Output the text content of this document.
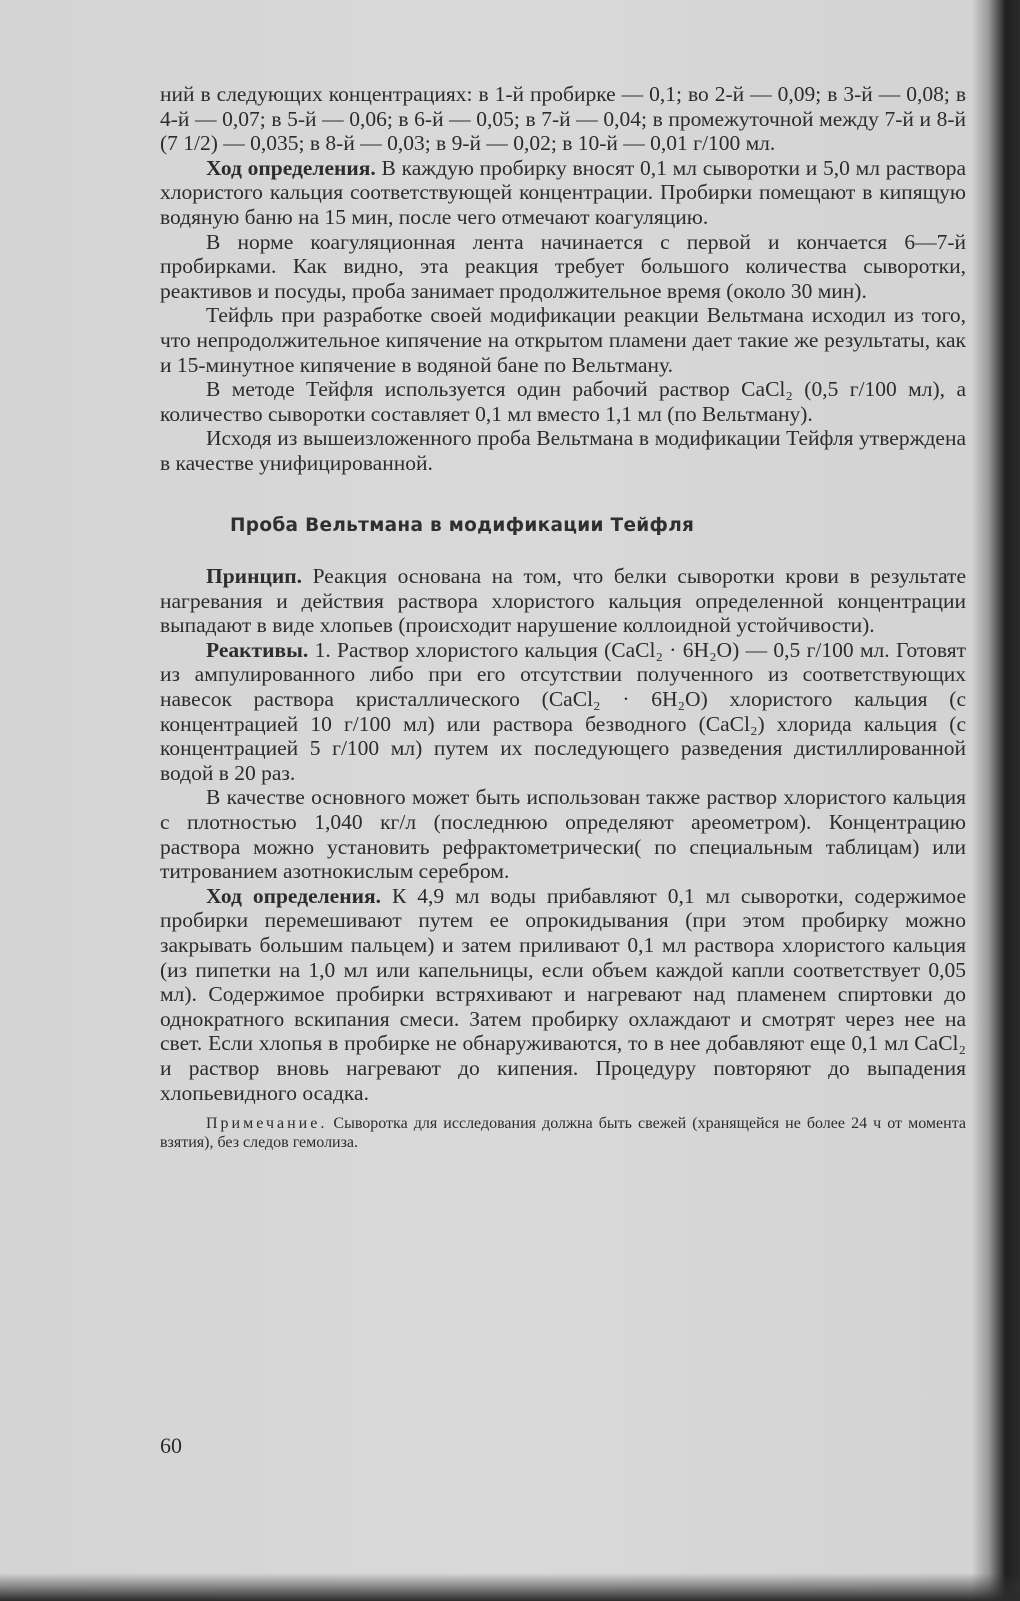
ний в следующих концентрациях: в 1-й пробирке — 0,1; во 2-й — 0,09; в 3-й — 0,08; в 4-й — 0,07; в 5-й — 0,06; в 6-й — 0,05; в 7-й — 0,04; в промежуточной между 7-й и 8-й (7 1/2) — 0,035; в 8-й — 0,03; в 9-й — 0,02; в 10-й — 0,01 г/100 мл.

Ход определения. В каждую пробирку вносят 0,1 мл сыворотки и 5,0 мл раствора хлористого кальция соответствующей концентрации. Пробирки помещают в кипящую водяную баню на 15 мин, после чего отмечают коагуляцию.

В норме коагуляционная лента начинается с первой и кончается 6—7-й пробирками. Как видно, эта реакция требует большого количества сыворотки, реактивов и посуды, проба занимает продолжительное время (около 30 мин).

Тейфль при разработке своей модификации реакции Вельтмана исходил из того, что непродолжительное кипячение на открытом пламени дает такие же результаты, как и 15-минутное кипячение в водяной бане по Вельтману.

В методе Тейфля используется один рабочий раствор CaCl₂ (0,5 г/100 мл), а количество сыворотки составляет 0,1 мл вместо 1,1 мл (по Вельтману).

Исходя из вышеизложенного проба Вельтмана в модификации Тейфля утверждена в качестве унифицированной.

Проба Вельтмана в модификации Тейфля

Принцип. Реакция основана на том, что белки сыворотки крови в результате нагревания и действия раствора хлористого кальция определенной концентрации выпадают в виде хлопьев (происходит нарушение коллоидной устойчивости).

Реактивы. 1. Раствор хлористого кальция (CaCl₂ · 6H₂O) — 0,5 г/100 мл. Готовят из ампулированного либо при его отсутствии полученного из соответствующих навесок раствора кристаллического (CaCl₂ · 6H₂O) хлористого кальция (с концентрацией 10 г/100 мл) или раствора безводного (CaCl₂) хлорида кальция (с концентрацией 5 г/100 мл) путем их последующего разведения дистиллированной водой в 20 раз.

В качестве основного может быть использован также раствор хлористого кальция с плотностью 1,040 кг/л (последнюю определяют ареометром). Концентрацию раствора можно установить рефрактометрически( по специальным таблицам) или титрованием азотнокислым серебром.

Ход определения. К 4,9 мл воды прибавляют 0,1 мл сыворотки, содержимое пробирки перемешивают путем ее опрокидывания (при этом пробирку можно закрывать большим пальцем) и затем приливают 0,1 мл раствора хлористого кальция (из пипетки на 1,0 мл или капельницы, если объем каждой капли соответствует 0,05 мл). Содержимое пробирки встряхивают и нагревают над пламенем спиртовки до однократного вскипания смеси. Затем пробирку охлаждают и смотрят через нее на свет. Если хлопья в пробирке не обнаруживаются, то в нее добавляют еще 0,1 мл CaCl₂ и раствор вновь нагревают до кипения. Процедуру повторяют до выпадения хлопьевидного осадка.

Примечание. Сыворотка для исследования должна быть свежей (хранящейся не более 24 ч от момента взятия), без следов гемолиза.

60
